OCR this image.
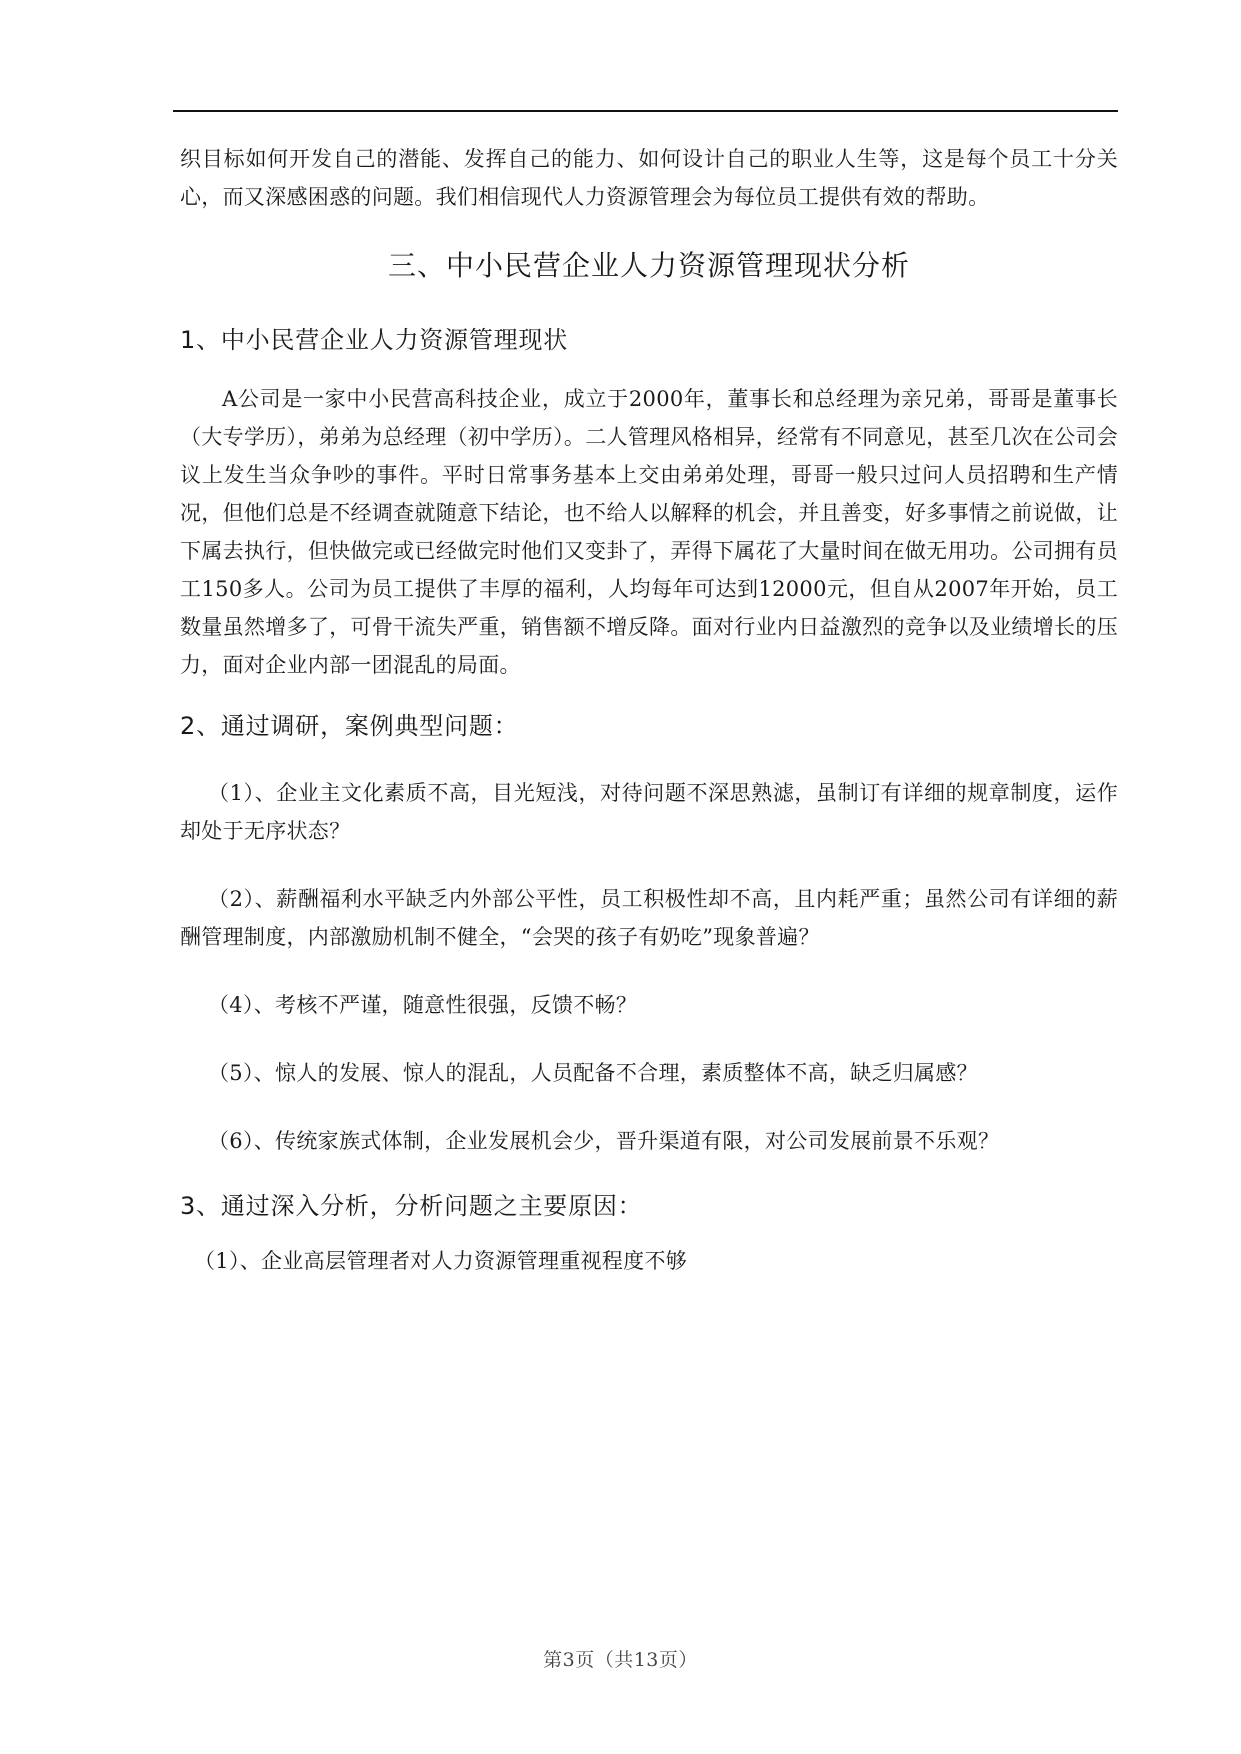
织目标如何开发自己的潜能、发挥自己的能力、如何设计自己的职业人生等，这是每个员工十分关心，而又深感困惑的问题。我们相信现代人力资源管理会为每位员工提供有效的帮助。

三、中小民营企业人力资源管理现状分析
1、中小民营企业人力资源管理现状

A公司是一家中小民营高科技企业，成立于2000年，董事长和总经理为亲兄弟，哥哥是董事长（大专学历），弟弟为总经理（初中学历）。二人管理风格相异，经常有不同意见，甚至几次在公司会议上发生当众争吵的事件。平时日常事务基本上交由弟弟处理，哥哥一般只过问人员招聘和生产情况，但他们总是不经调查就随意下结论，也不给人以解释的机会，并且善变，好多事情之前说做，让下属去执行，但快做完或已经做完时他们又变卦了，弄得下属花了大量时间在做无用功。公司拥有员工150多人。公司为员工提供了丰厚的福利，人均每年可达到12000元，但自从2007年开始，员工数量虽然增多了，可骨干流失严重，销售额不增反降。面对行业内日益激烈的竞争以及业绩增长的压力，面对企业内部一团混乱的局面。

2、通过调研，案例典型问题：

（1）、企业主文化素质不高，目光短浅，对待问题不深思熟滤，虽制订有详细的规章制度，运作却处于无序状态？

（2）、薪酬福利水平缺乏内外部公平性，员工积极性却不高，且内耗严重；虽然公司有详细的薪酬管理制度，内部激励机制不健全，“会哭的孩子有奶吃”现象普遍？

（4）、考核不严谨，随意性很强，反馈不畅？

（5）、惊人的发展、惊人的混乱，人员配备不合理，素质整体不高，缺乏归属感？

（6）、传统家族式体制，企业发展机会少，晋升渠道有限，对公司发展前景不乐观？

3、通过深入分析，分析问题之主要原因：

（1）、企业高层管理者对人力资源管理重视程度不够

第3页（共13页）
